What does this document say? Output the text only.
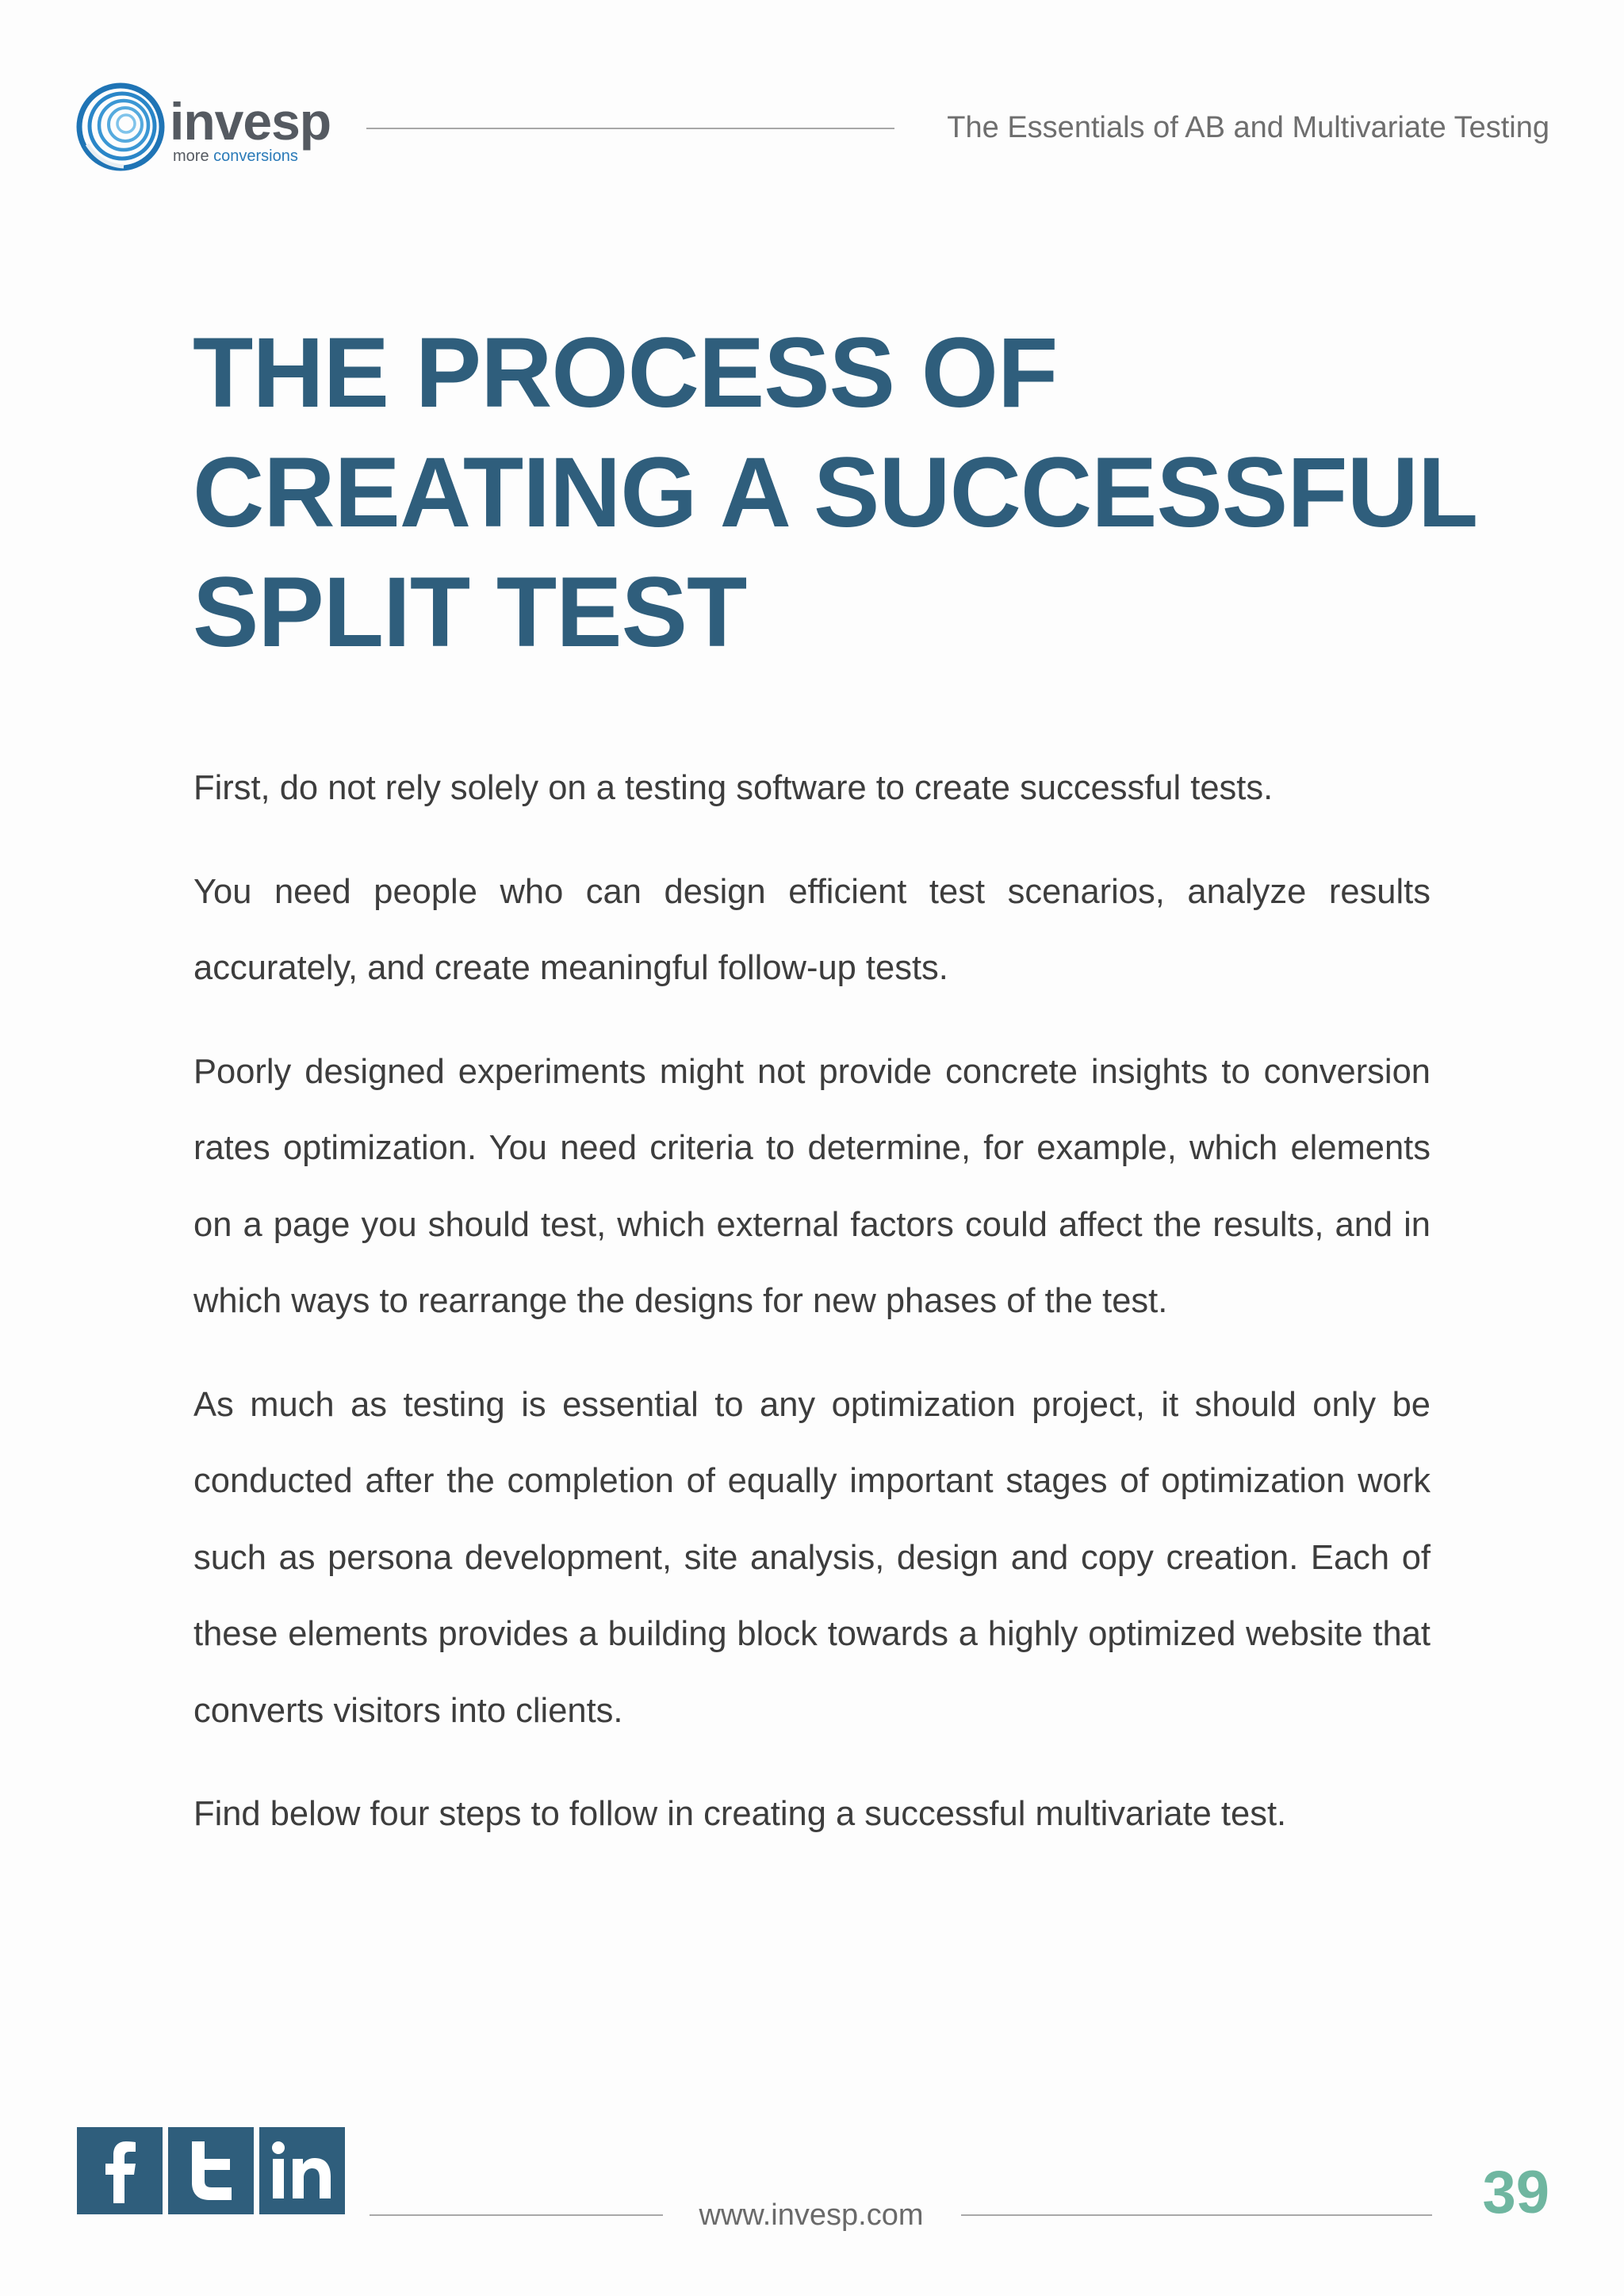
invesp
more conversions
The Essentials of AB and Multivariate Testing
THE PROCESS OF
CREATING A SUCCESSFUL
SPLIT TEST

First, do not rely solely on a testing software to create successful tests.

You need people who can design efficient test scenarios, analyze results accurately, and create meaningful follow-up tests.

Poorly designed experiments might not provide concrete insights to conversion rates optimization. You need criteria to determine, for example, which elements on a page you should test, which external factors could affect the results, and in which ways to rearrange the designs for new phases of the test.

As much as testing is essential to any optimization project, it should only be conducted after the completion of equally important stages of optimization work such as persona development, site analysis, design and copy creation. Each of these elements provides a building block towards a highly optimized website that converts visitors into clients.

Find below four steps to follow in creating a successful multivariate test.

www.invesp.com	39
